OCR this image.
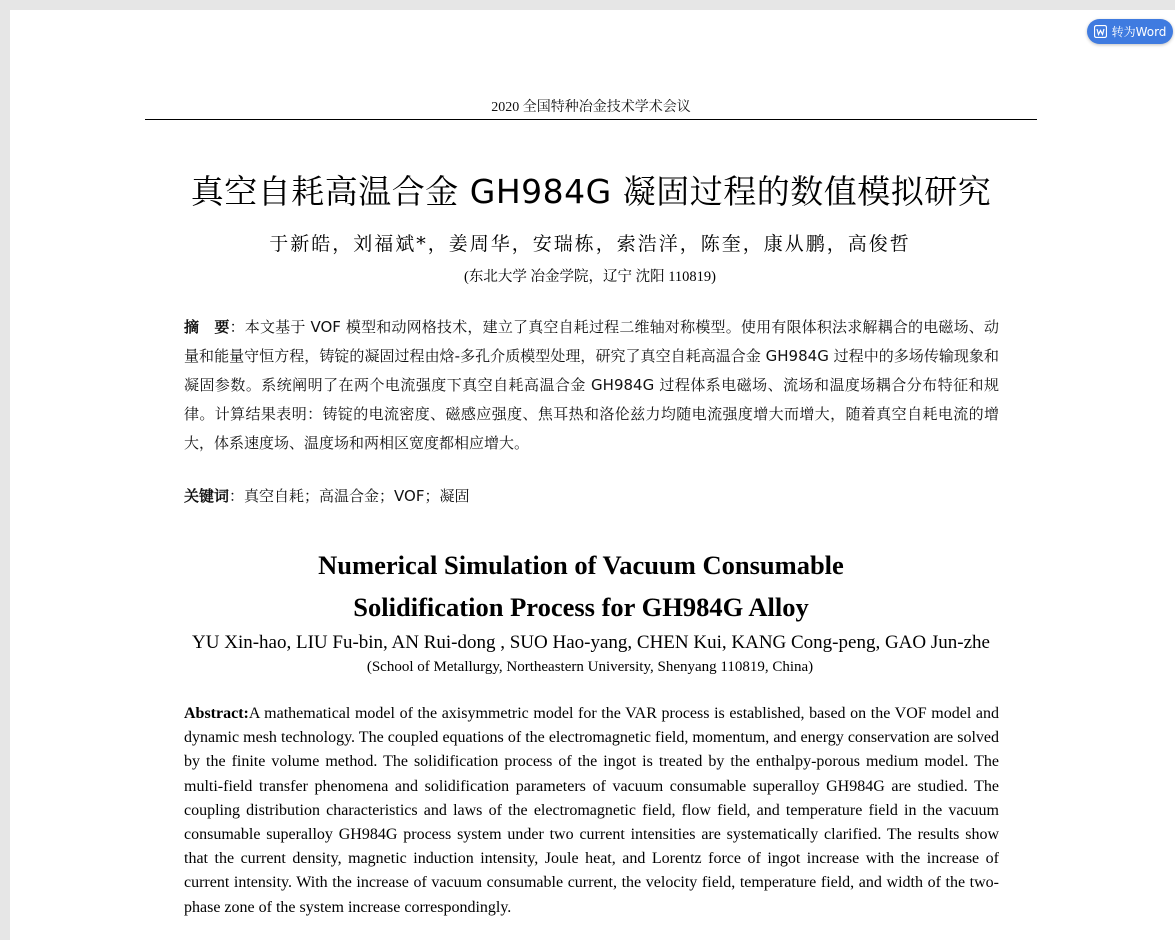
转为Word
2020 全国特种冶金技术学术会议
真空自耗高温合金 GH984G 凝固过程的数值模拟研究
于新皓，刘福斌*，姜周华，安瑞栋，索浩洋，陈奎，康从鹏，高俊哲
(东北大学 冶金学院，辽宁 沈阳 110819)
摘　要：本文基于 VOF 模型和动网格技术，建立了真空自耗过程二维轴对称模型。使用有限体积法求解耦合的电磁场、动量和能量守恒方程，铸锭的凝固过程由焓-多孔介质模型处理，研究了真空自耗高温合金 GH984G 过程中的多场传输现象和凝固参数。系统阐明了在两个电流强度下真空自耗高温合金 GH984G 过程体系电磁场、流场和温度场耦合分布特征和规律。计算结果表明：铸锭的电流密度、磁感应强度、焦耳热和洛伦兹力均随电流强度增大而增大，随着真空自耗电流的增大，体系速度场、温度场和两相区宽度都相应增大。
关键词：真空自耗；高温合金；VOF；凝固
Numerical Simulation of Vacuum Consumable
Solidification Process for GH984G Alloy
YU Xin-hao, LIU Fu-bin, AN Rui-dong , SUO Hao-yang, CHEN Kui, KANG Cong-peng, GAO Jun-zhe
(School of Metallurgy, Northeastern University, Shenyang 110819, China)
Abstract:A mathematical model of the axisymmetric model for the VAR process is established, based on the VOF model and dynamic mesh technology. The coupled equations of the electromagnetic field, momentum, and energy conservation are solved by the finite volume method. The solidification process of the ingot is treated by the enthalpy-porous medium model. The multi-field transfer phenomena and solidification parameters of vacuum consumable superalloy GH984G are studied. The coupling distribution characteristics and laws of the electromagnetic field, flow field, and temperature field in the vacuum consumable superalloy GH984G process system under two current intensities are systematically clarified. The results show that the current density, magnetic induction intensity, Joule heat, and Lorentz force of ingot increase with the increase of current intensity. With the increase of vacuum consumable current, the velocity field, temperature field, and width of the two-phase zone of the system increase correspondingly.
